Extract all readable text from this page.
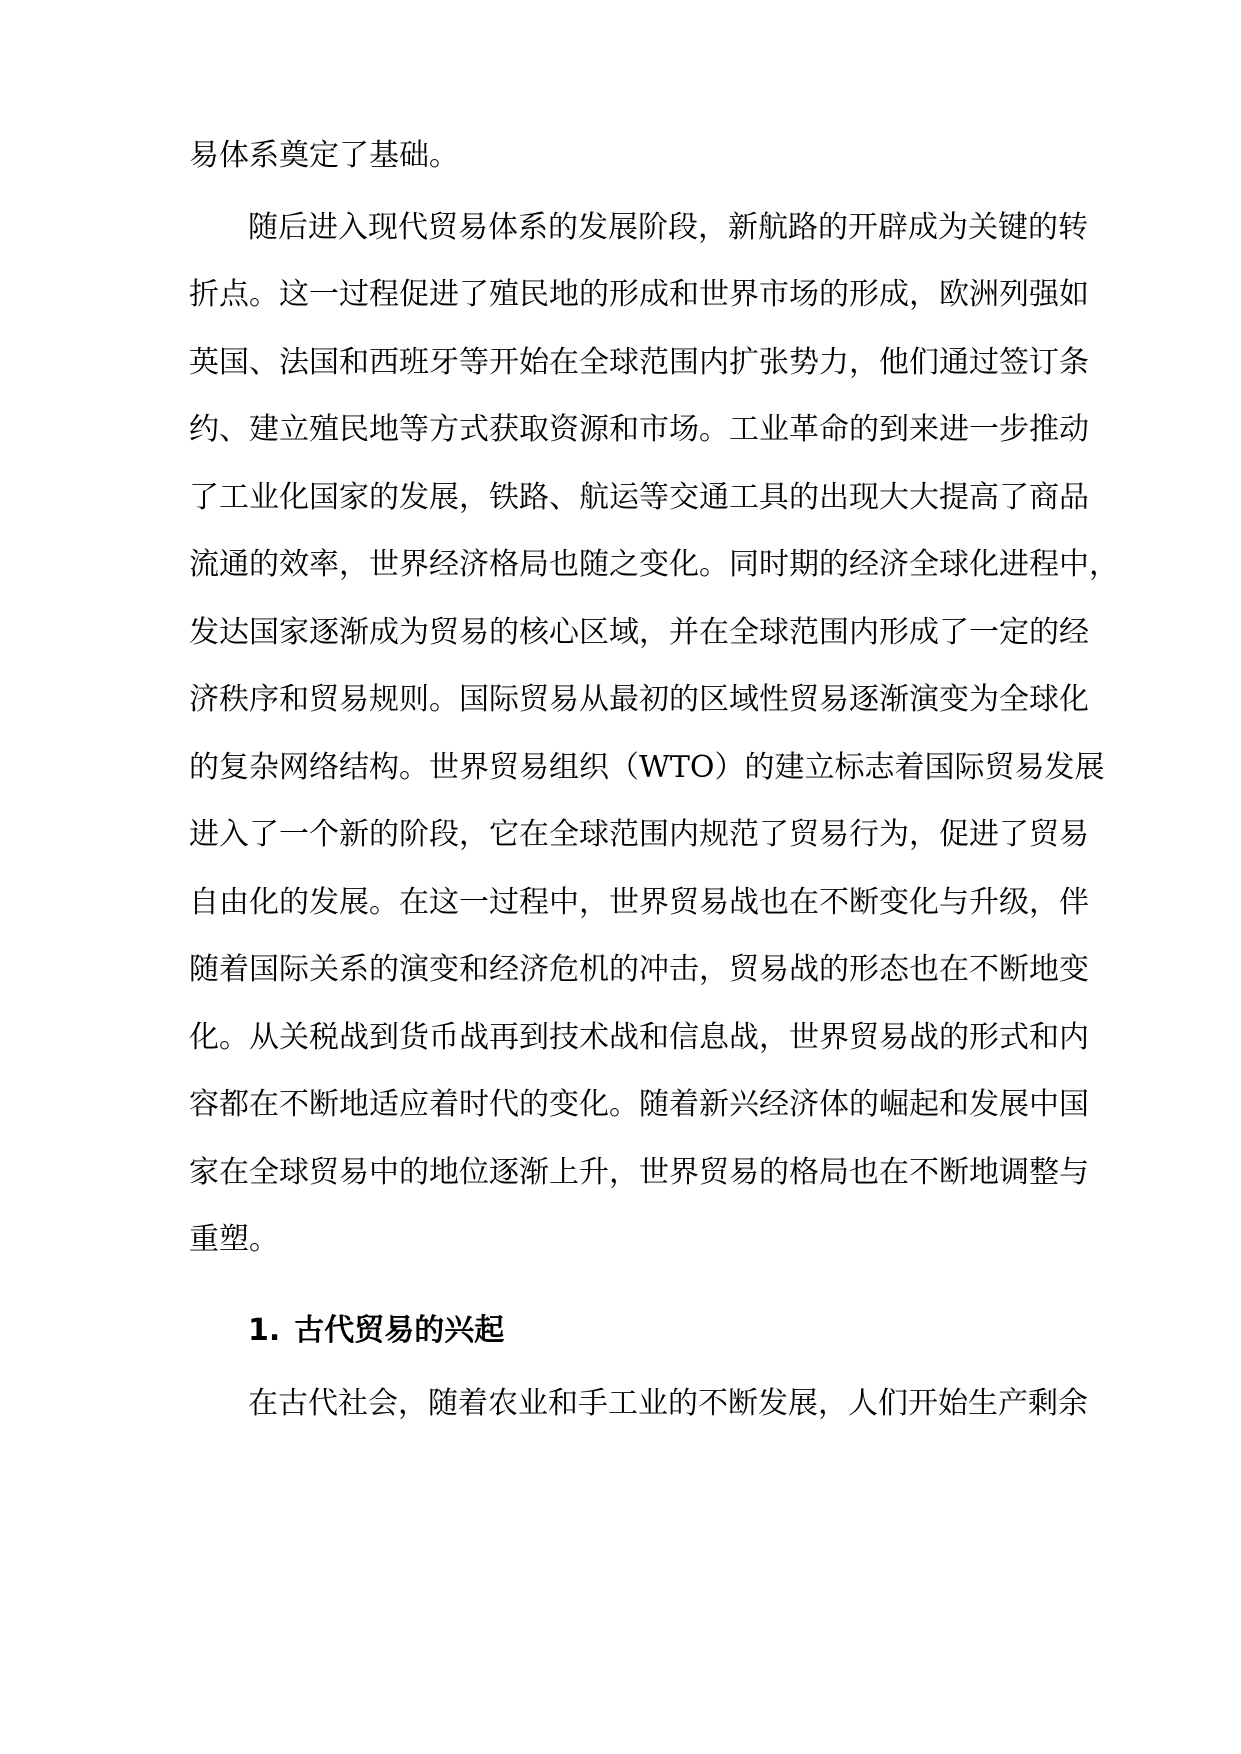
易体系奠定了基础。
随后进入现代贸易体系的发展阶段，新航路的开辟成为关键的转
折点。这一过程促进了殖民地的形成和世界市场的形成，欧洲列强如
英国、法国和西班牙等开始在全球范围内扩张势力，他们通过签订条
约、建立殖民地等方式获取资源和市场。工业革命的到来进一步推动
了工业化国家的发展，铁路、航运等交通工具的出现大大提高了商品
流通的效率，世界经济格局也随之变化。同时期的经济全球化进程中，
发达国家逐渐成为贸易的核心区域，并在全球范围内形成了一定的经
济秩序和贸易规则。国际贸易从最初的区域性贸易逐渐演变为全球化
的复杂网络结构。世界贸易组织（WTO）的建立标志着国际贸易发展
进入了一个新的阶段，它在全球范围内规范了贸易行为，促进了贸易
自由化的发展。在这一过程中，世界贸易战也在不断变化与升级，伴
随着国际关系的演变和经济危机的冲击，贸易战的形态也在不断地变
化。从关税战到货币战再到技术战和信息战，世界贸易战的形式和内
容都在不断地适应着时代的变化。随着新兴经济体的崛起和发展中国
家在全球贸易中的地位逐渐上升，世界贸易的格局也在不断地调整与
重塑。
1. 古代贸易的兴起
在古代社会，随着农业和手工业的不断发展，人们开始生产剩余
